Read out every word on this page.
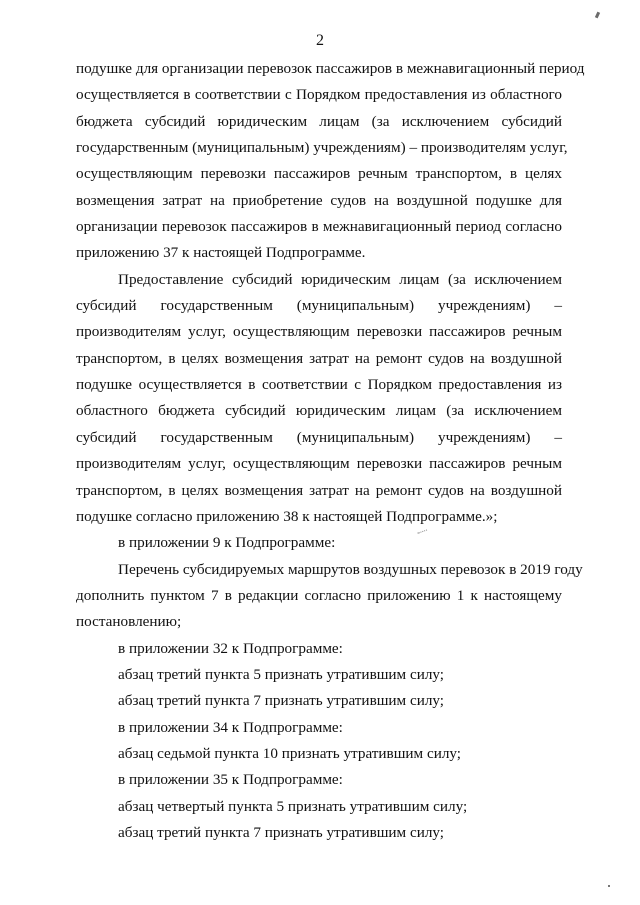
2
подушке для организации перевозок пассажиров в межнавигационный период
осуществляется в соответствии с Порядком предоставления из областного
бюджета субсидий юридическим лицам (за исключением субсидий
государственным (муниципальным) учреждениям) – производителям услуг,
осуществляющим перевозки пассажиров речным транспортом, в целях
возмещения затрат на приобретение судов на воздушной подушке для
организации перевозок пассажиров в межнавигационный период согласно
приложению 37 к настоящей Подпрограмме.
Предоставление субсидий юридическим лицам (за исключением
субсидий государственным (муниципальным) учреждениям) –
производителям услуг, осуществляющим перевозки пассажиров речным
транспортом, в целях возмещения затрат на ремонт судов на воздушной
подушке осуществляется в соответствии с Порядком предоставления из
областного бюджета субсидий юридическим лицам (за исключением
субсидий государственным (муниципальным) учреждениям) –
производителям услуг, осуществляющим перевозки пассажиров речным
транспортом, в целях возмещения затрат на ремонт судов на воздушной
подушке согласно приложению 38 к настоящей Подпрограмме.»;
в приложении 9 к Подпрограмме:
Перечень субсидируемых маршрутов воздушных перевозок в 2019 году
дополнить пунктом 7 в редакции согласно приложению 1 к настоящему
постановлению;
в приложении 32 к Подпрограмме:
абзац третий пункта 5 признать утратившим силу;
абзац третий пункта 7 признать утратившим силу;
в приложении 34 к Подпрограмме:
абзац седьмой пункта 10 признать утратившим силу;
в приложении 35 к Подпрограмме:
абзац четвертый пункта 5 признать утратившим силу;
абзац третий пункта 7 признать утратившим силу;
